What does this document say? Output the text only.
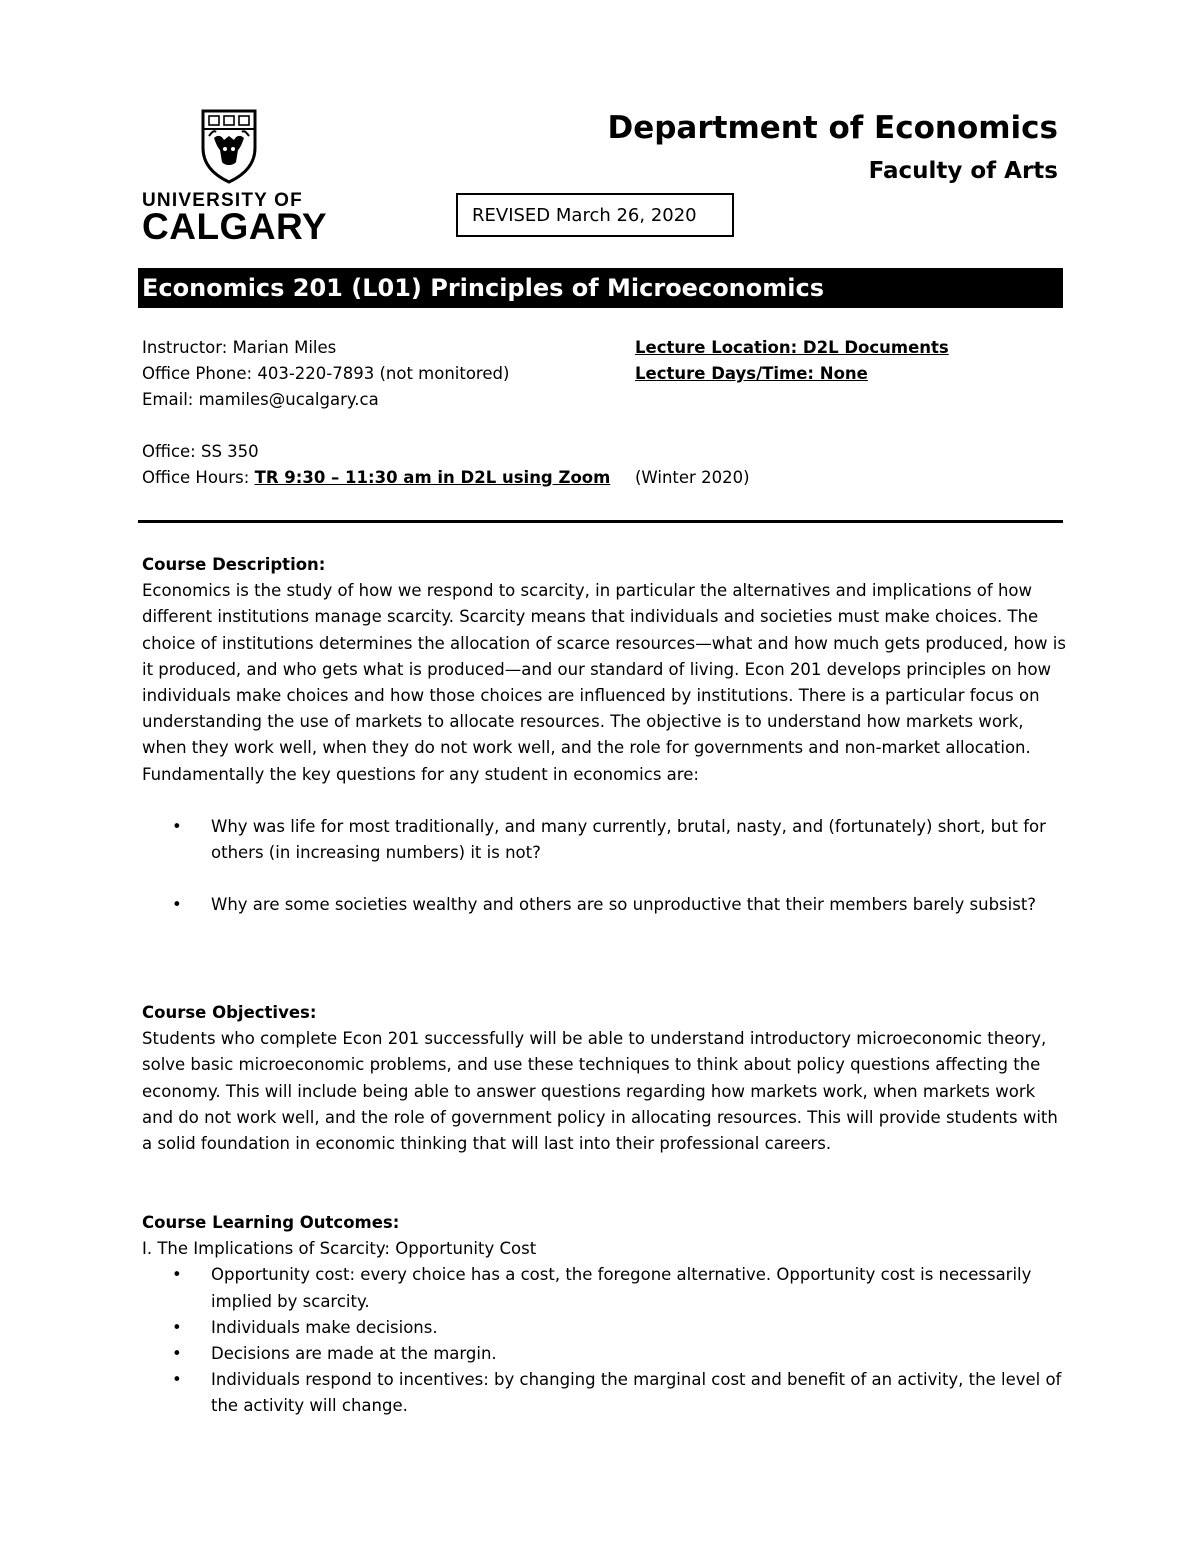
UNIVERSITY OF
CALGARY
Department of Economics
Faculty of Arts
REVISED March 26, 2020
Economics 201 (L01) Principles of Microeconomics
Instructor: Marian Miles
Office Phone: 403-220-7893 (not monitored)
Email: mamiles@ucalgary.ca
Lecture Location: D2L Documents
Lecture Days/Time: None
Office: SS 350
Office Hours: TR 9:30 – 11:30 am in D2L using Zoom (Winter 2020)
Course Description:

Economics is the study of how we respond to scarcity, in particular the alternatives and implications of how different institutions manage scarcity. Scarcity means that individuals and societies must make choices. The choice of institutions determines the allocation of scarce resources—what and how much gets produced, how is it produced, and who gets what is produced—and our standard of living. Econ 201 develops principles on how individuals make choices and how those choices are influenced by institutions. There is a particular focus on understanding the use of markets to allocate resources. The objective is to understand how markets work, when they work well, when they do not work well, and the role for governments and non-market allocation. Fundamentally the key questions for any student in economics are:

• Why was life for most traditionally, and many currently, brutal, nasty, and (fortunately) short, but for others (in increasing numbers) it is not?
• Why are some societies wealthy and others are so unproductive that their members barely subsist?
Course Objectives:

Students who complete Econ 201 successfully will be able to understand introductory microeconomic theory, solve basic microeconomic problems, and use these techniques to think about policy questions affecting the economy. This will include being able to answer questions regarding how markets work, when markets work and do not work well, and the role of government policy in allocating resources. This will provide students with a solid foundation in economic thinking that will last into their professional careers.

Course Learning Outcomes:
I. The Implications of Scarcity: Opportunity Cost
• Opportunity cost: every choice has a cost, the foregone alternative. Opportunity cost is necessarily implied by scarcity.
• Individuals make decisions.
• Decisions are made at the margin.
• Individuals respond to incentives: by changing the marginal cost and benefit of an activity, the level of the activity will change.
